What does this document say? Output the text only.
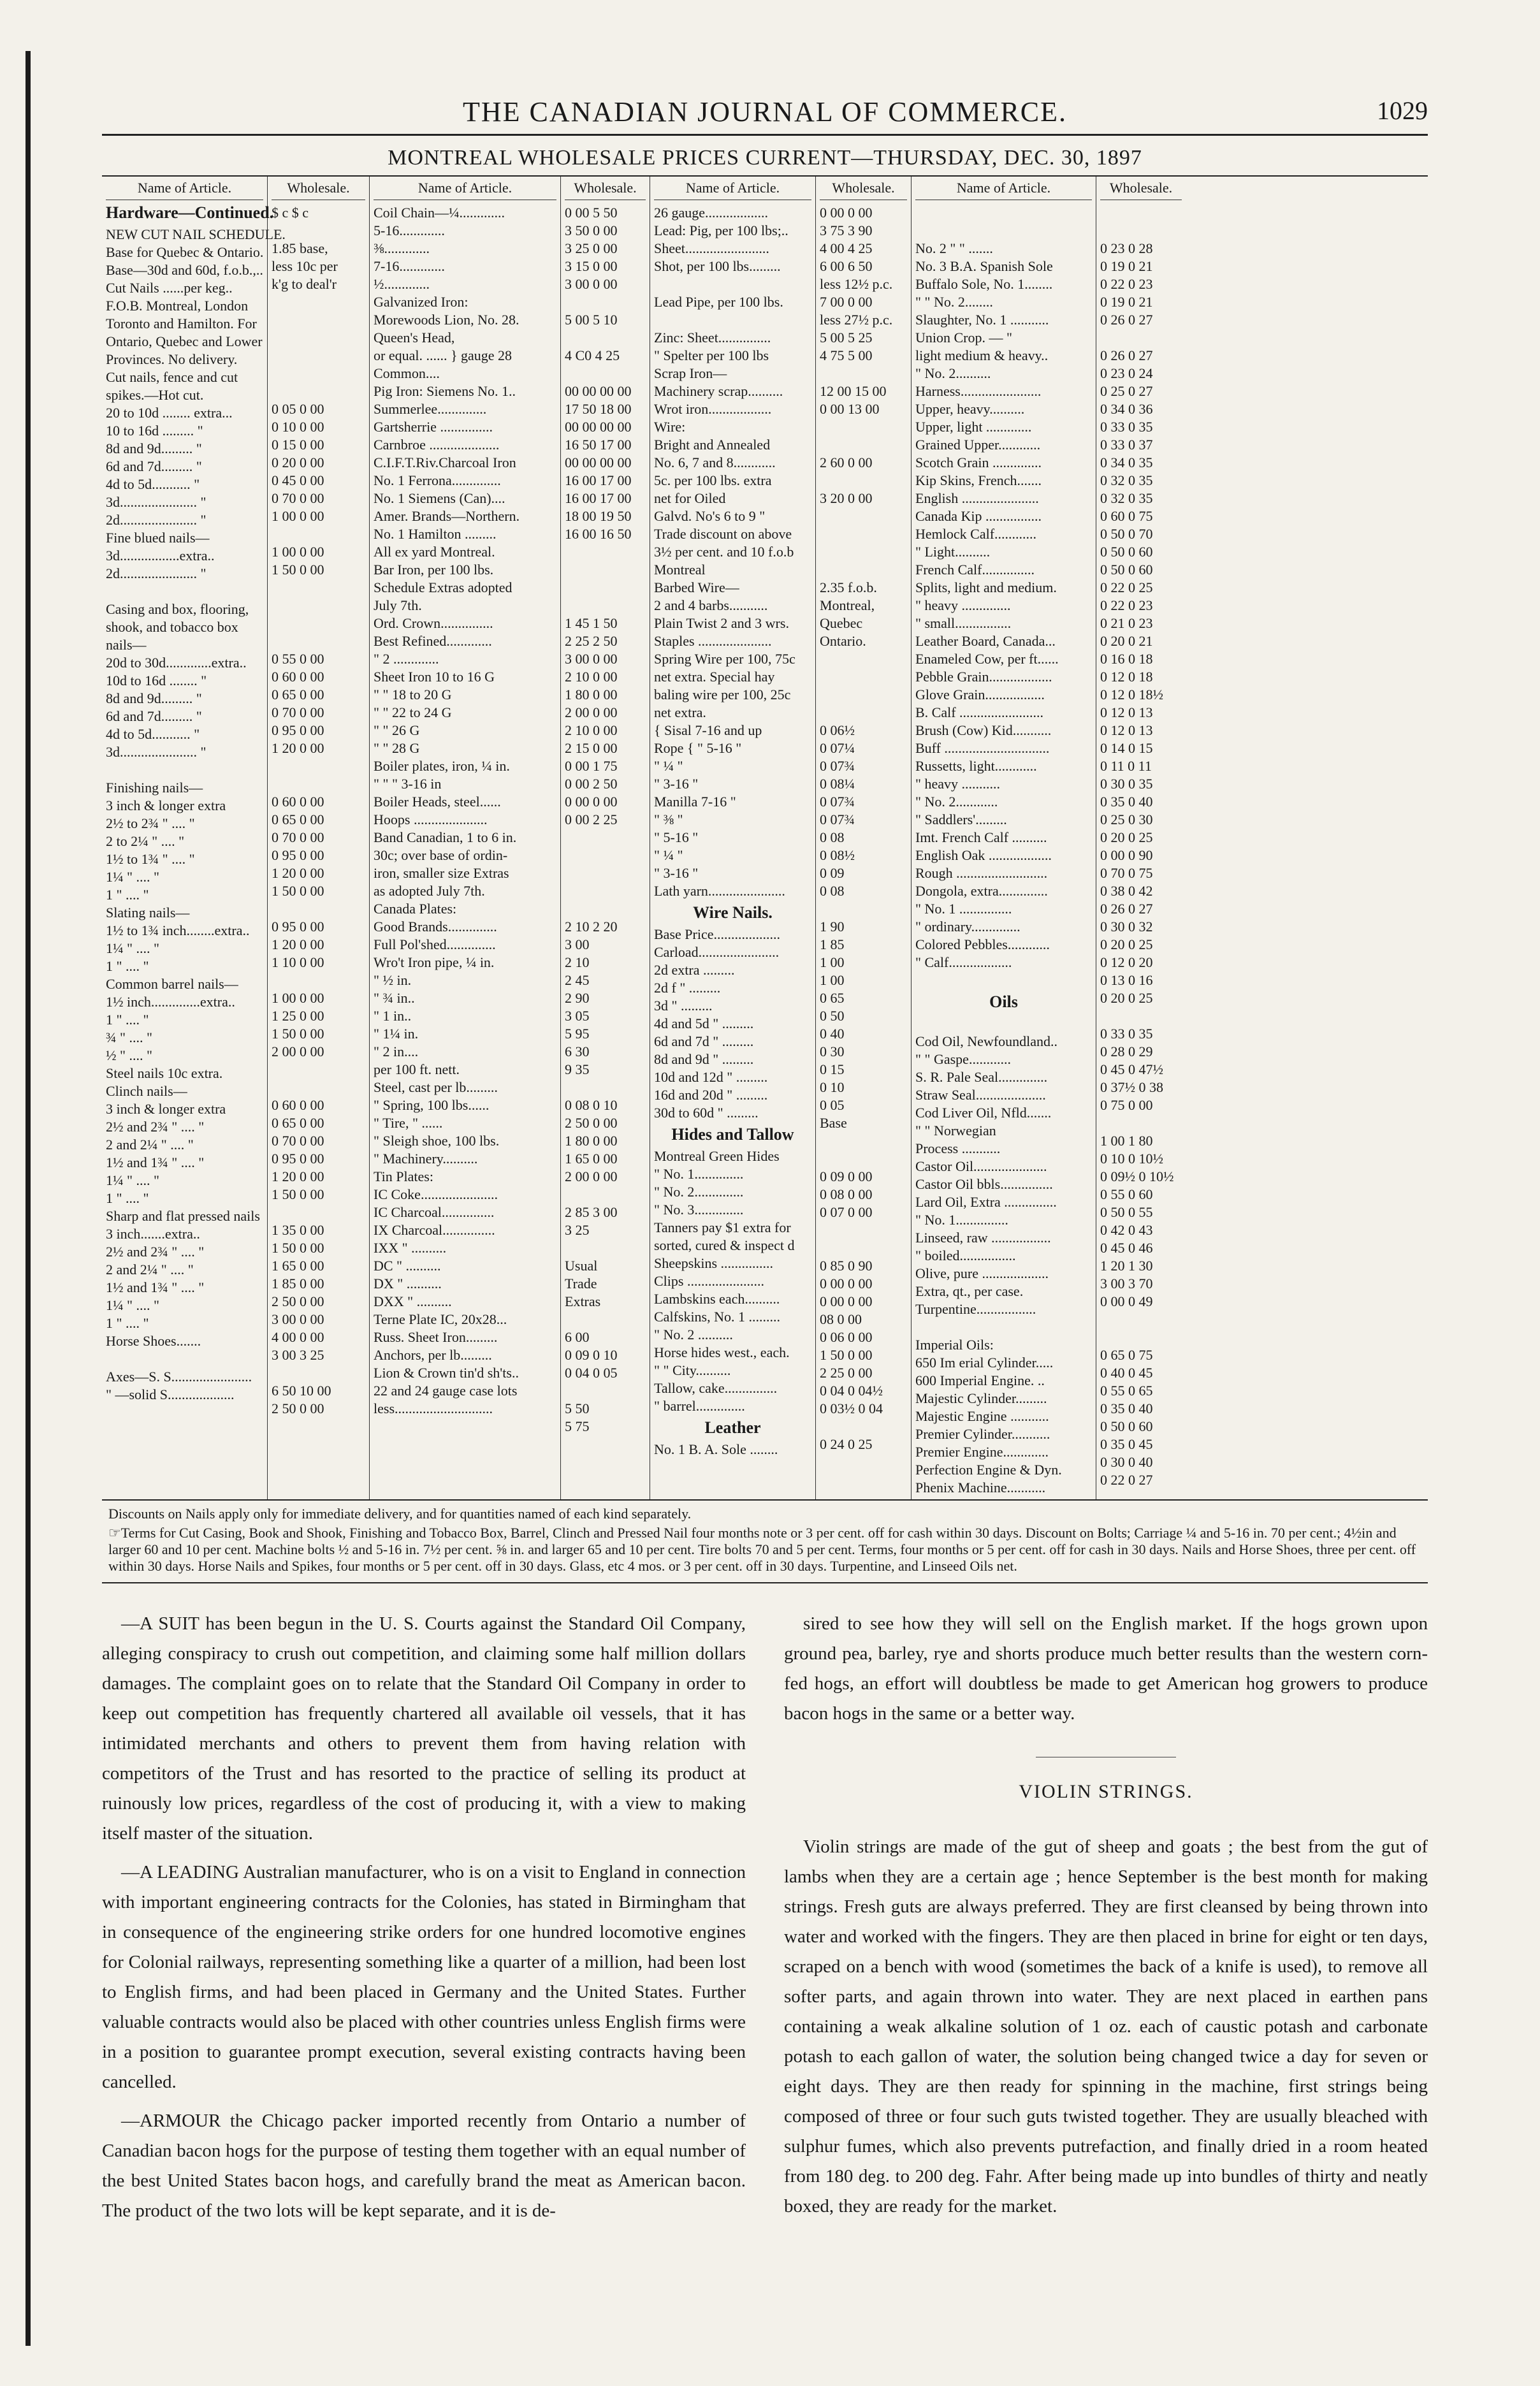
THE CANADIAN JOURNAL OF COMMERCE.	1029
MONTREAL WHOLESALE PRICES CURRENT—THURSDAY, DEC. 30, 1897
Name of Article.
Hardware—Continued.
NEW CUT NAIL SCHEDULE.
Base for Quebec & Ontario.
Base—30d and 60d, f.o.b.,..
Cut Nails ......per keg..
F.O.B. Montreal, London
Toronto and Hamilton. For
Ontario, Quebec and Lower
Provinces. No delivery.
Cut nails, fence and cut
spikes.—Hot cut.
20 to 10d ........ extra...
10 to 16d ......... "
8d and 9d......... "
6d and 7d......... "
4d to 5d........... "
3d...................... "
2d...................... "
Fine blued nails—
3d.................extra..
2d...................... "

Casing and box, flooring,
shook, and tobacco box
nails—
20d to 30d.............extra..
10d to 16d ........ "
8d and 9d......... "
6d and 7d......... "
4d to 5d........... "
3d...................... "

Finishing nails—
3 inch & longer extra
2½ to 2¾ " .... "
2 to 2¼ " .... "
1½ to 1¾ " .... "
1¼ " .... "
1 " .... "
Slating nails—
1½ to 1¾ inch........extra..
1¼ " .... "
1 " .... "
Common barrel nails—
1½ inch..............extra..
1 " .... "
¾ " .... "
½ " .... "
Steel nails 10c extra.
Clinch nails—
3 inch & longer extra
2½ and 2¾ " .... "
2 and 2¼ " .... "
1½ and 1¾ " .... "
1¼ " .... "
1 " .... "
Sharp and flat pressed nails
3 inch.......extra..
2½ and 2¾ " .... "
2 and 2¼ " .... "
1½ and 1¾ " .... "
1¼ " .... "
1 " .... "
Horse Shoes.......

Axes—S. S.......................
" —solid S...................
Wholesale.
$ c $ c

1.85 base,
less 10c per
k'g to deal'r

0 05 0 00
0 10 0 00
0 15 0 00
0 20 0 00
0 45 0 00
0 70 0 00
1 00 0 00

1 00 0 00
1 50 0 00

0 55 0 00
0 60 0 00
0 65 0 00
0 70 0 00
0 95 0 00
1 20 0 00

0 60 0 00
0 65 0 00
0 70 0 00
0 95 0 00
1 20 0 00
1 50 0 00

0 95 0 00
1 20 0 00
1 10 0 00

1 00 0 00
1 25 0 00
1 50 0 00
2 00 0 00

0 60 0 00
0 65 0 00
0 70 0 00
0 95 0 00
1 20 0 00
1 50 0 00

1 35 0 00
1 50 0 00
1 65 0 00
1 85 0 00
2 50 0 00
3 00 0 00
4 00 0 00
3 00 3 25

6 50 10 00
2 50 0 00
Name of Article.
Coil Chain—¼.............
5-16.............
⅜.............
7-16.............
½.............
Galvanized Iron:
Morewoods Lion, No. 28.
Queen's Head,
or equal. ...... } gauge 28
Common....
Pig Iron: Siemens No. 1..
Summerlee..............
Gartsherrie ...............
Carnbroe ....................
C.I.F.T.Riv.Charcoal Iron
No. 1 Ferrona..............
No. 1 Siemens (Can)....
Amer. Brands—Northern.
No. 1 Hamilton .........
All ex yard Montreal.
Bar Iron, per 100 lbs.
Schedule Extras adopted
July 7th.
Ord. Crown...............
Best Refined.............
" 2 .............
Sheet Iron 10 to 16 G
" " 18 to 20 G
" " 22 to 24 G
" " 26 G
" " 28 G
Boiler plates, iron, ¼ in.
" " " 3-16 in
Boiler Heads, steel......
Hoops .....................
Band Canadian, 1 to 6 in.
30c; over base of ordin-
iron, smaller size Extras
as adopted July 7th.
Canada Plates:
Good Brands..............
Full Pol'shed..............
Wro't Iron pipe, ¼ in.
" ½ in.
" ¾ in..
" 1 in..
" 1¼ in.
" 2 in....
per 100 ft. nett.
Steel, cast per lb.........
" Spring, 100 lbs......
" Tire, " ......
" Sleigh shoe, 100 lbs.
" Machinery..........
Tin Plates:
IC Coke......................
IC Charcoal...............
IX Charcoal...............
IXX " ..........
DC " ..........
DX " ..........
DXX " ..........
Terne Plate IC, 20x28...
Russ. Sheet Iron.........
Anchors, per lb.........
Lion & Crown tin'd sh'ts..
22 and 24 gauge case lots
less............................
Wholesale.
0 00 5 50
3 50 0 00
3 25 0 00
3 15 0 00
3 00 0 00

5 00 5 10

4 C0 4 25

00 00 00 00
17 50 18 00
00 00 00 00
16 50 17 00
00 00 00 00
16 00 17 00
16 00 17 00
18 00 19 50
16 00 16 50

1 45 1 50
2 25 2 50
3 00 0 00
2 10 0 00
1 80 0 00
2 00 0 00
2 10 0 00
2 15 0 00
0 00 1 75
0 00 2 50
0 00 0 00
0 00 2 25

2 10 2 20
3 00
2 10
2 45
2 90
3 05
5 95
6 30
9 35

0 08 0 10
2 50 0 00
1 80 0 00
1 65 0 00
2 00 0 00

2 85 3 00
3 25

Usual
Trade
Extras

6 00
0 09 0 10
0 04 0 05

5 50
5 75
Name of Article.
26 gauge..................
Lead: Pig, per 100 lbs;..
Sheet........................
Shot, per 100 lbs.........

Lead Pipe, per 100 lbs.

Zinc: Sheet...............
" Spelter per 100 lbs
Scrap Iron—
Machinery scrap..........
Wrot iron..................
Wire:
Bright and Annealed
No. 6, 7 and 8............
5c. per 100 lbs. extra
net for Oiled
Galvd. No's 6 to 9 "
Trade discount on above
3½ per cent. and 10 f.o.b
Montreal
Barbed Wire—
2 and 4 barbs...........
Plain Twist 2 and 3 wrs.
Staples .....................
Spring Wire per 100, 75c
net extra. Special hay
baling wire per 100, 25c
net extra.
{ Sisal 7-16 and up
Rope { " 5-16 "
" ¼ "
" 3-16 "
Manilla 7-16 "
" ⅜ "
" 5-16 "
" ¼ "
" 3-16 "
Lath yarn......................
Wire Nails.
Base Price...................
Carload.......................
2d extra .........
2d f " .........
3d " .........
4d and 5d " .........
6d and 7d " .........
8d and 9d " .........
10d and 12d " .........
16d and 20d " .........
30d to 60d " .........
Hides and Tallow
Montreal Green Hides
" No. 1..............
" No. 2..............
" No. 3..............
Tanners pay $1 extra for
sorted, cured & inspect d
Sheepskins ...............
Clips ......................
Lambskins each..........
Calfskins, No. 1 .........
" No. 2 ..........
Horse hides west., each.
" " City..........
Tallow, cake...............
" barrel..............
Leather
No. 1 B. A. Sole ........
Wholesale.
0 00 0 00
3 75 3 90
4 00 4 25
6 00 6 50
less 12½ p.c.
7 00 0 00
less 27½ p.c.
5 00 5 25
4 75 5 00

12 00 15 00
0 00 13 00

2 60 0 00

3 20 0 00

2.35 f.o.b.
Montreal,
Quebec
Ontario.

0 06½
0 07¼
0 07¾
0 08¼
0 07¾
0 07¾
0 08
0 08½
0 09
0 08

1 90
1 85
1 00
1 00
0 65
0 50
0 40
0 30
0 15
0 10
0 05
Base

0 09 0 00
0 08 0 00
0 07 0 00

0 85 0 90
0 00 0 00
0 00 0 00
08 0 00
0 06 0 00
1 50 0 00
2 25 0 00
0 04 0 04½
0 03½ 0 04

0 24 0 25
Name of Article.

No. 2 " " .......
No. 3 B.A. Spanish Sole
Buffalo Sole, No. 1........
" " No. 2........
Slaughter, No. 1 ...........
Union Crop. — "
light medium & heavy..
" No. 2..........
Harness.......................
Upper, heavy..........
Upper, light .............
Grained Upper............
Scotch Grain ..............
Kip Skins, French.......
English ......................
Canada Kip ................
Hemlock Calf............
" Light..........
French Calf...............
Splits, light and medium.
" heavy ..............
" small................
Leather Board, Canada...
Enameled Cow, per ft......
Pebble Grain..................
Glove Grain.................
B. Calf ........................
Brush (Cow) Kid...........
Buff ..............................
Russetts, light............
" heavy ...........
" No. 2............
" Saddlers'.........
Imt. French Calf ..........
English Oak ..................
Rough ..........................
Dongola, extra..............
" No. 1 ...............
" ordinary..............
Colored Pebbles............
" Calf..................

Oils

Cod Oil, Newfoundland..
" " Gaspe............
S. R. Pale Seal..............
Straw Seal....................
Cod Liver Oil, Nfld.......
" " Norwegian
Process ...........
Castor Oil.....................
Castor Oil bbls...............
Lard Oil, Extra ...............
" No. 1...............
Linseed, raw .................
" boiled................
Olive, pure ...................
Extra, qt., per case.
Turpentine.................

Imperial Oils:
650 Im erial Cylinder.....
600 Imperial Engine. ..
Majestic Cylinder.........
Majestic Engine ...........
Premier Cylinder...........
Premier Engine.............
Perfection Engine & Dyn.
Phenix Machine...........
Wholesale.

0 23 0 28
0 19 0 21
0 22 0 23
0 19 0 21
0 26 0 27

0 26 0 27
0 23 0 24
0 25 0 27
0 34 0 36
0 33 0 35
0 33 0 37
0 34 0 35
0 32 0 35
0 32 0 35
0 60 0 75
0 50 0 70
0 50 0 60
0 50 0 60
0 22 0 25
0 22 0 23
0 21 0 23
0 20 0 21
0 16 0 18
0 12 0 18
0 12 0 18½
0 12 0 13
0 12 0 13
0 14 0 15
0 11 0 11
0 30 0 35
0 35 0 40
0 25 0 30
0 20 0 25
0 00 0 90
0 70 0 75
0 38 0 42
0 26 0 27
0 30 0 32
0 20 0 25
0 12 0 20
0 13 0 16
0 20 0 25

0 33 0 35
0 28 0 29
0 45 0 47½
0 37½ 0 38
0 75 0 00

1 00 1 80
0 10 0 10½
0 09½ 0 10½
0 55 0 60
0 50 0 55
0 42 0 43
0 45 0 46
1 20 1 30
3 00 3 70
0 00 0 49

0 65 0 75
0 40 0 45
0 55 0 65
0 35 0 40
0 50 0 60
0 35 0 45
0 30 0 40
0 22 0 27

Discounts on Nails apply only for immediate delivery, and for quantities named of each kind separately.

☞Terms for Cut Casing, Book and Shook, Finishing and Tobacco Box, Barrel, Clinch and Pressed Nail four months note or 3 per cent. off for cash within 30 days. Discount on Bolts; Carriage ¼ and 5-16 in. 70 per cent.; 4½in and larger 60 and 10 per cent. Machine bolts ½ and 5-16 in. 7½ per cent. ⅝ in. and larger 65 and 10 per cent. Tire bolts 70 and 5 per cent. Terms, four months or 5 per cent. off for cash in 30 days. Nails and Horse Shoes, three per cent. off within 30 days. Horse Nails and Spikes, four months or 5 per cent. off in 30 days. Glass, etc 4 mos. or 3 per cent. off in 30 days. Turpentine, and Linseed Oils net.

—A SUIT has been begun in the U. S. Courts against the Standard Oil Company, alleging conspiracy to crush out competition, and claiming some half million dollars damages. The complaint goes on to relate that the Standard Oil Company in order to keep out competition has frequently chartered all available oil vessels, that it has intimidated merchants and others to prevent them from having relation with competitors of the Trust and has resorted to the practice of selling its product at ruinously low prices, regardless of the cost of producing it, with a view to making itself master of the situation.

—A LEADING Australian manufacturer, who is on a visit to England in connection with important engineering contracts for the Colonies, has stated in Birmingham that in consequence of the engineering strike orders for one hundred locomotive engines for Colonial railways, representing something like a quarter of a million, had been lost to English firms, and had been placed in Germany and the United States. Further valuable contracts would also be placed with other countries unless English firms were in a position to guarantee prompt execution, several existing contracts having been cancelled.

—ARMOUR the Chicago packer imported recently from Ontario a number of Canadian bacon hogs for the purpose of testing them together with an equal number of the best United States bacon hogs, and carefully brand the meat as American bacon. The product of the two lots will be kept separate, and it is de-

sired to see how they will sell on the English market. If the hogs grown upon ground pea, barley, rye and shorts produce much better results than the western corn-fed hogs, an effort will doubtless be made to get American hog growers to produce bacon hogs in the same or a better way.

VIOLIN STRINGS.

Violin strings are made of the gut of sheep and goats ; the best from the gut of lambs when they are a certain age ; hence September is the best month for making strings. Fresh guts are always preferred. They are first cleansed by being thrown into water and worked with the fingers. They are then placed in brine for eight or ten days, scraped on a bench with wood (sometimes the back of a knife is used), to remove all softer parts, and again thrown into water. They are next placed in earthen pans containing a weak alkaline solution of 1 oz. each of caustic potash and carbonate potash to each gallon of water, the solution being changed twice a day for seven or eight days. They are then ready for spinning in the machine, first strings being composed of three or four such guts twisted together. They are usually bleached with sulphur fumes, which also prevents putrefaction, and finally dried in a room heated from 180 deg. to 200 deg. Fahr. After being made up into bundles of thirty and neatly boxed, they are ready for the market.
